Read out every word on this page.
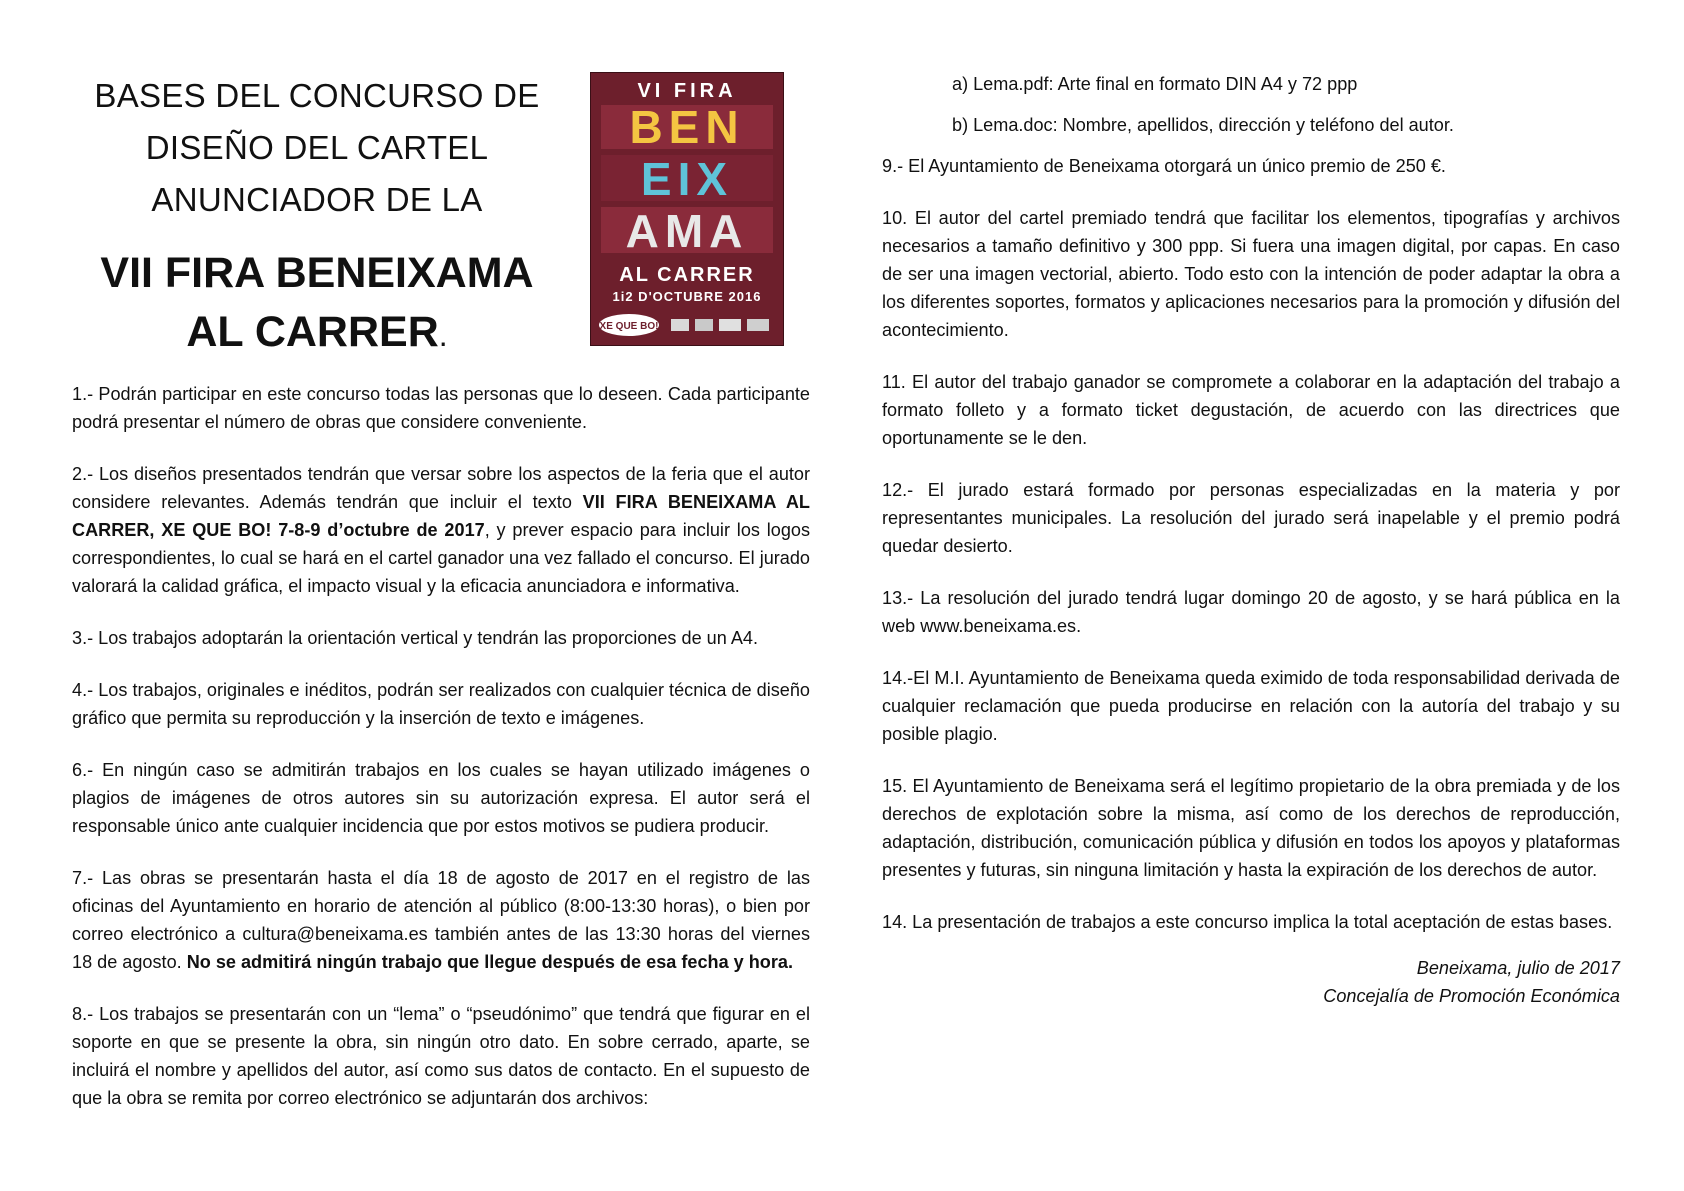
BASES DEL CONCURSO DE
DISEÑO DEL CARTEL
ANUNCIADOR DE LA
VII FIRA BENEIXAMA
AL CARRER.
VI FIRA
BEN
EIX
AMA
AL CARRER
1i2 D'OCTUBRE 2016
XE QUE BO!

1.- Podrán participar en este concurso todas las personas que lo deseen. Cada participante podrá presentar el número de obras que considere conveniente.

2.- Los diseños presentados tendrán que versar sobre los aspectos de la feria que el autor considere relevantes. Además tendrán que incluir el texto VII FIRA BENEIXAMA AL CARRER, XE QUE BO! 7-8-9 d’octubre de 2017, y prever espacio para incluir los logos correspondientes, lo cual se hará en el cartel ganador una vez fallado el concurso. El jurado valorará la calidad gráfica, el impacto visual y la eficacia anunciadora e informativa.

3.- Los trabajos adoptarán la orientación vertical y tendrán las proporciones de un A4.

4.- Los trabajos, originales e inéditos, podrán ser realizados con cualquier técnica de diseño gráfico que permita su reproducción y la inserción de texto e imágenes.

6.- En ningún caso se admitirán trabajos en los cuales se hayan utilizado imágenes o plagios de imágenes de otros autores sin su autorización expresa. El autor será el responsable único ante cualquier incidencia que por estos motivos se pudiera producir.

7.- Las obras se presentarán hasta el día 18 de agosto de 2017 en el registro de las oficinas del Ayuntamiento en horario de atención al público (8:00-13:30 horas), o bien por correo electrónico a cultura@beneixama.es también antes de las 13:30 horas del viernes 18 de agosto. No se admitirá ningún trabajo que llegue después de esa fecha y hora.

8.- Los trabajos se presentarán con un “lema” o “pseudónimo” que tendrá que figurar en el soporte en que se presente la obra, sin ningún otro dato. En sobre cerrado, aparte, se incluirá el nombre y apellidos del autor, así como sus datos de contacto. En el supuesto de que la obra se remita por correo electrónico se adjuntarán dos archivos:

a) Lema.pdf: Arte final en formato DIN A4 y 72 ppp

b) Lema.doc: Nombre, apellidos, dirección y teléfono del autor.

9.- El Ayuntamiento de Beneixama otorgará un único premio de 250 €.

10. El autor del cartel premiado tendrá que facilitar los elementos, tipografías y archivos necesarios a tamaño definitivo y 300 ppp. Si fuera una imagen digital, por capas. En caso de ser una imagen vectorial, abierto. Todo esto con la intención de poder adaptar la obra a los diferentes soportes, formatos y aplicaciones necesarios para la promoción y difusión del acontecimiento.

11. El autor del trabajo ganador se compromete a colaborar en la adaptación del trabajo a formato folleto y a formato ticket degustación, de acuerdo con las directrices que oportunamente se le den.

12.- El jurado estará formado por personas especializadas en la materia y por representantes municipales. La resolución del jurado será inapelable y el premio podrá quedar desierto.

13.- La resolución del jurado tendrá lugar domingo 20 de agosto, y se hará pública en la web www.beneixama.es.

14.-El M.I. Ayuntamiento de Beneixama queda eximido de toda responsabilidad derivada de cualquier reclamación que pueda producirse en relación con la autoría del trabajo y su posible plagio.

15. El Ayuntamiento de Beneixama será el legítimo propietario de la obra premiada y de los derechos de explotación sobre la misma, así como de los derechos de reproducción, adaptación, distribución, comunicación pública y difusión en todos los apoyos y plataformas presentes y futuras, sin ninguna limitación y hasta la expiración de los derechos de autor.

14. La presentación de trabajos a este concurso implica la total aceptación de estas bases.

Beneixama, julio de 2017
Concejalía de Promoción Económica
